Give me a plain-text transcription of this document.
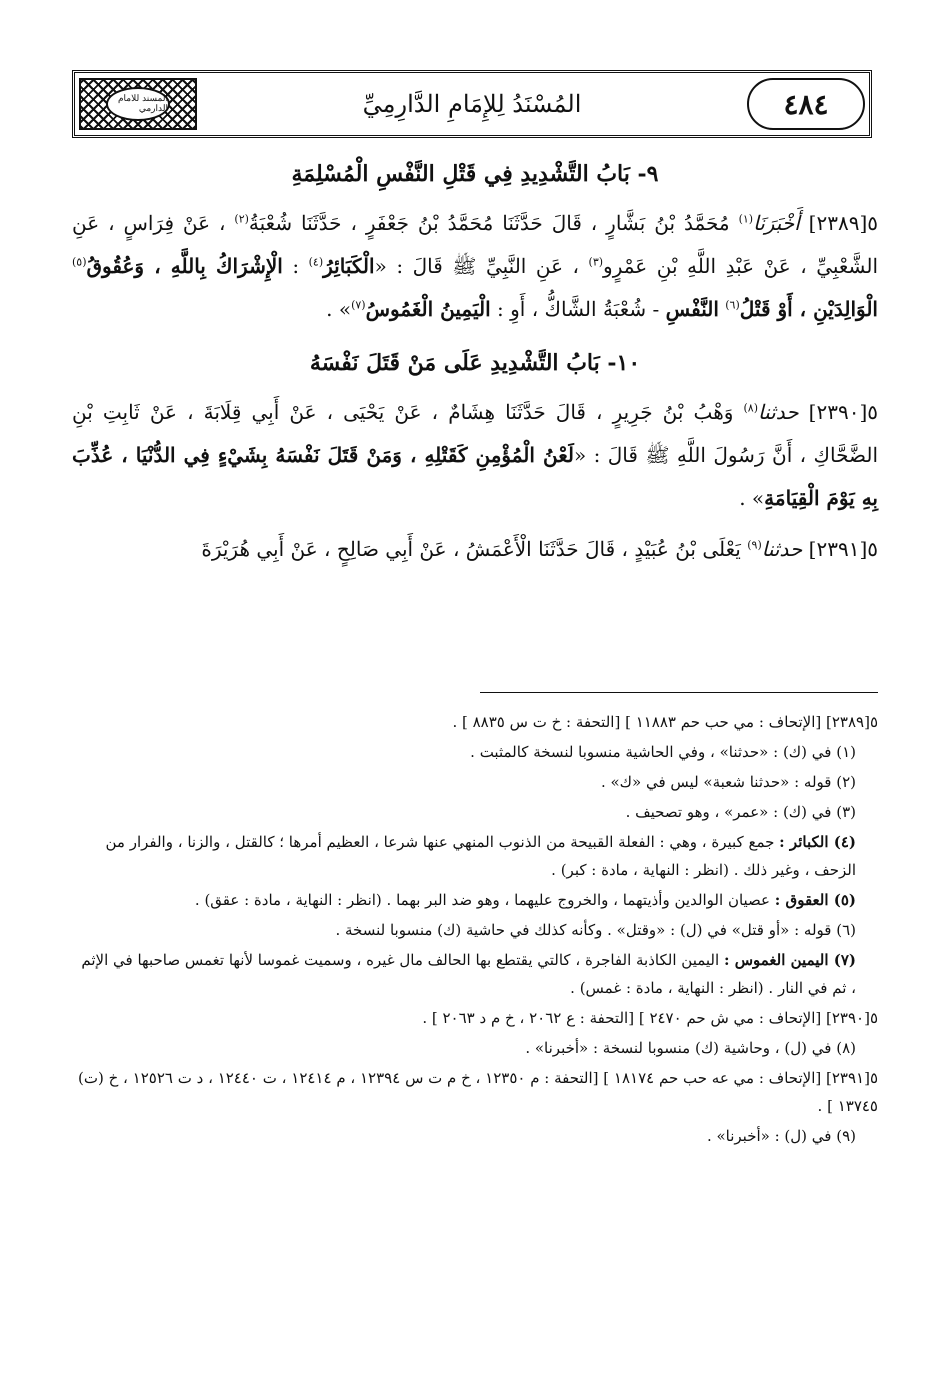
المسند للامام الدارمي	المُسْنَدُ لِلإِمَامِ الدَّارِمِيِّ	٤٨٤
٩- بَابُ التَّشْدِيدِ فِي قَتْلِ النَّفْسِ الْمُسْلِمَةِ

٥[٢٣٨٩] أَخْبَرَنَا$^{(١)}$ مُحَمَّدُ بْنُ بَشَّارٍ ، قَالَ حَدَّثَنَا مُحَمَّدُ بْنُ جَعْفَرٍ ، حَدَّثَنَا شُعْبَةُ$^{(٢)}$ ، عَنْ فِرَاسٍ ، عَنِ الشَّعْبِيِّ ، عَنْ عَبْدِ اللَّهِ بْنِ عَمْرٍو$^{(٣)}$ ، عَنِ النَّبِيِّ ﷺ قَالَ : «الْكَبَائِرُ$^{(٤)}$ : الْإِشْرَاكُ بِاللَّهِ ، وَعُقُوقُ$^{(٥)}$ الْوَالِدَيْنِ ، أَوْ قَتْلُ$^{(٦)}$ النَّفْسِ - شُعْبَةُ الشَّاكُّ ، أَوِ : الْيَمِينُ الْغَمُوسُ$^{(٧)}$» .

١٠- بَابُ التَّشْدِيدِ عَلَى مَنْ قَتَلَ نَفْسَهُ

٥[٢٣٩٠] حدثنا$^{(٨)}$ وَهْبُ بْنُ جَرِيرٍ ، قَالَ حَدَّثَنَا هِشَامٌ ، عَنْ يَحْيَى ، عَنْ أَبِي قِلَابَةَ ، عَنْ ثَابِتِ بْنِ الضَّحَّاكِ ، أَنَّ رَسُولَ اللَّهِ ﷺ قَالَ : «لَعْنُ الْمُؤْمِنِ كَقَتْلِهِ ، وَمَنْ قَتَلَ نَفْسَهُ بِشَيْءٍ فِي الدُّنْيَا ، عُذِّبَ بِهِ يَوْمَ الْقِيَامَةِ» .

٥[٢٣٩١] حدثنا$^{(٩)}$ يَعْلَى بْنُ عُبَيْدٍ ، قَالَ حَدَّثَنَا الْأَعْمَشُ ، عَنْ أَبِي صَالِحٍ ، عَنْ أَبِي هُرَيْرَةَ

٥[٢٣٨٩] [الإتحاف : مي حب حم ١١٨٨٣ ] [التحفة : خ ت س ٨٨٣٥ ] .

(١) في (ك) : «حدثنا» ، وفي الحاشية منسوبا لنسخة كالمثبت .

(٢) قوله : «حدثنا شعبة» ليس في «ك» .

(٣) في (ك) : «عمر» ، وهو تصحيف .

(٤) الكبائر : جمع كبيرة ، وهي : الفعلة القبيحة من الذنوب المنهي عنها شرعا ، العظيم أمرها ؛ كالقتل ، والزنا ، والفرار من الزحف ، وغير ذلك . (انظر : النهاية ، مادة : كبر) .

(٥) العقوق : عصيان الوالدين وأذيتهما ، والخروج عليهما ، وهو ضد البر بهما . (انظر : النهاية ، مادة : عقق) .

(٦) قوله : «أو قتل» في (ل) : «وقتل» . وكأنه كذلك في حاشية (ك) منسوبا لنسخة .

(٧) اليمين الغموس : اليمين الكاذبة الفاجرة ، كالتي يقتطع بها الحالف مال غيره ، وسميت غموسا لأنها تغمس صاحبها في الإثم ، ثم في النار . (انظر : النهاية ، مادة : غمس) .

٥[٢٣٩٠] [الإتحاف : مي ش حم ٢٤٧٠ ] [التحفة : ع ٢٠٦٢ ، خ م د ٢٠٦٣ ] .

(٨) في (ل) ، وحاشية (ك) منسوبا لنسخة : «أخبرنا» .

٥[٢٣٩١] [الإتحاف : مي عه حب حم ١٨١٧٤ ] [التحفة : م ١٢٣٥٠ ، خ م ت س ١٢٣٩٤ ، م ١٢٤١٤ ، ت ١٢٤٤٠ ، د ت ١٢٥٢٦ ، خ (ت) ١٣٧٤٥ ] .

(٩) في (ل) : «أخبرنا» .
